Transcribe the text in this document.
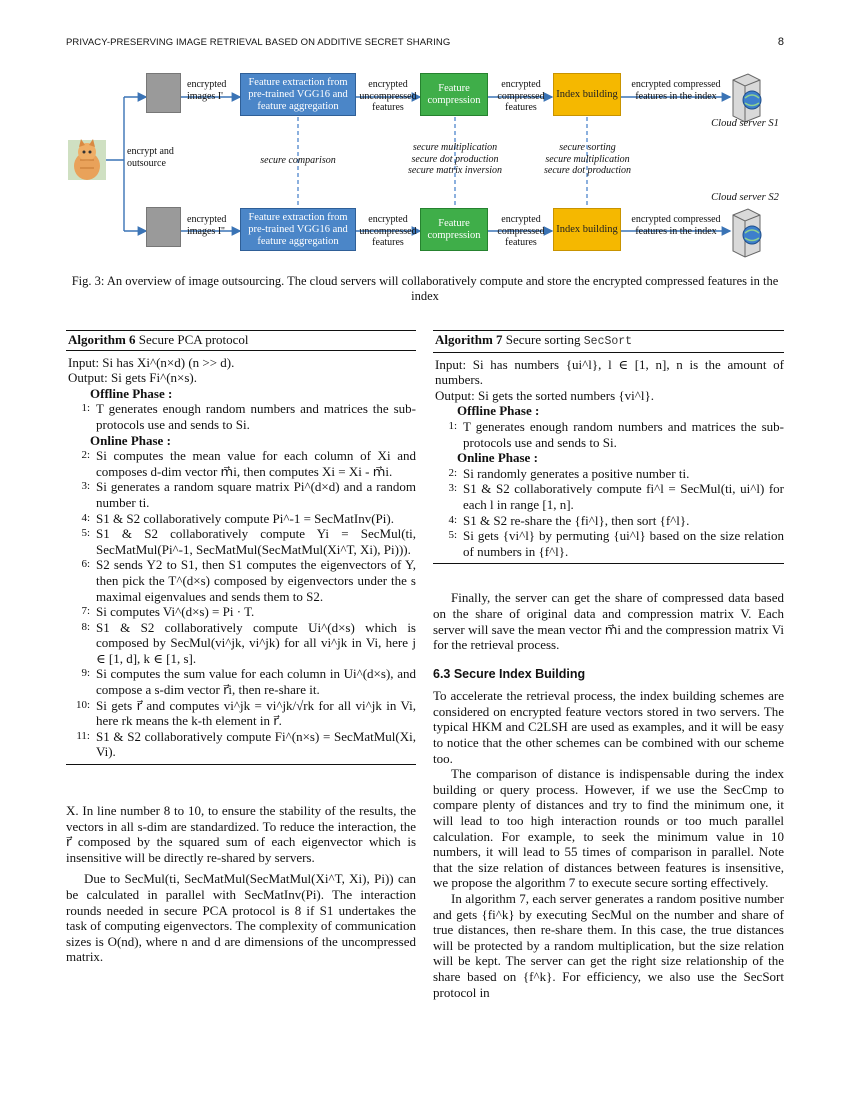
PRIVACY-PRESERVING IMAGE RETRIEVAL BASED ON ADDITIVE SECRET SHARING	8
encrypt and outsource
encrypted images I'
Feature extraction from pre-trained VGG16 and feature aggregation
encrypted uncompressed features
Feature compression
encrypted compressed features
Index building
encrypted compressed features in the index
Cloud server S1
secure comparison
secure multiplication
secure dot production
secure matrix inversion
secure sorting
secure multiplication
secure dot production
Cloud server S2
encrypted images I''
Feature extraction from pre-trained VGG16 and feature aggregation
encrypted uncompressed features
Feature compression
encrypted compressed features
Index building
encrypted compressed features in the index
Fig. 3: An overview of image outsourcing. The cloud servers will collaboratively compute and store the encrypted compressed features in the index
Algorithm 6 Secure PCA protocol
Input: Si has Xi^(n×d) (n >> d).
Output: Si gets Fi^(n×s).
Offline Phase :
1: T generates enough random numbers and matrices the sub-protocols use and sends to Si.
Online Phase :
2: Si computes the mean value for each column of Xi and composes d-dim vector m⃗i, then computes Xi = Xi - m⃗i.
3: Si generates a random square matrix Pi^(d×d) and a random number ti.
4: S1 & S2 collaboratively compute Pi^-1 = SecMatInv(Pi).
5: S1 & S2 collaboratively compute Yi = SecMul(ti, SecMatMul(Pi^-1, SecMatMul(SecMatMul(Xi^T, Xi), Pi))).
6: S2 sends Y2 to S1, then S1 computes the eigenvectors of Y, then pick the T^(d×s) composed by eigenvectors under the s maximal eigenvalues and sends them to S2.
7: Si computes Vi^(d×s) = Pi · T.
8: S1 & S2 collaboratively compute Ui^(d×s) which is composed by SecMul(vi^jk, vi^jk) for all vi^jk in Vi, here j ∈ [1, d], k ∈ [1, s].
9: Si computes the sum value for each column in Ui^(d×s), and compose a s-dim vector r⃗i, then re-share it.
10: Si gets r⃗ and computes vi^jk = vi^jk/√rk for all vi^jk in Vi, here rk means the k-th element in r⃗.
11: S1 & S2 collaboratively compute Fi^(n×s) = SecMatMul(Xi, Vi).

X. In line number 8 to 10, to ensure the stability of the results, the vectors in all s-dim are standardized. To reduce the interaction, the r⃗ composed by the squared sum of each eigenvector which is insensitive will be directly re-shared by servers.

Due to SecMul(ti, SecMatMul(SecMatMul(Xi^T, Xi), Pi)) can be calculated in parallel with SecMatInv(Pi). The interaction rounds needed in secure PCA protocol is 8 if S1 undertakes the task of computing eigenvectors. The complexity of communication sizes is O(nd), where n and d are dimensions of the uncompressed matrix.

Algorithm 7 Secure sorting SecSort
Input: Si has numbers {ui^l}, l ∈ [1, n], n is the amount of numbers.
Output: Si gets the sorted numbers {vi^l}.
Offline Phase :
1: T generates enough random numbers and matrices the sub-protocols use and sends to Si.
Online Phase :
2: Si randomly generates a positive number ti.
3: S1 & S2 collaboratively compute fi^l = SecMul(ti, ui^l) for each l in range [1, n].
4: S1 & S2 re-share the {fi^l}, then sort {f^l}.
5: Si gets {vi^l} by permuting {ui^l} based on the size relation of numbers in {f^l}.

Finally, the server can get the share of compressed data based on the share of original data and compression matrix V. Each server will save the mean vector m⃗i and the compression matrix Vi for the retrieval process.

6.3 Secure Index Building

To accelerate the retrieval process, the index building schemes are considered on encrypted feature vectors stored in two servers. The typical HKM and C2LSH are used as examples, and it will be easy to notice that the other schemes can be combined with our scheme too.

The comparison of distance is indispensable during the index building or query process. However, if we use the SecCmp to compare plenty of distances and try to find the minimum one, it will lead to too high interaction rounds or too much parallel calculation. For example, to seek the minimum value in 10 numbers, it will lead to 55 times of comparison in parallel. Note that the size relation of distances between features is insensitive, we propose the algorithm 7 to execute secure sorting effectively.

In algorithm 7, each server generates a random positive number and gets {fi^k} by executing SecMul on the number and share of true distances, then re-share them. In this case, the true distances will be protected by a random multiplication, but the size relation will be kept. The server can get the right size relationship of the share based on {f^k}. For efficiency, we also use the SecSort protocol in
